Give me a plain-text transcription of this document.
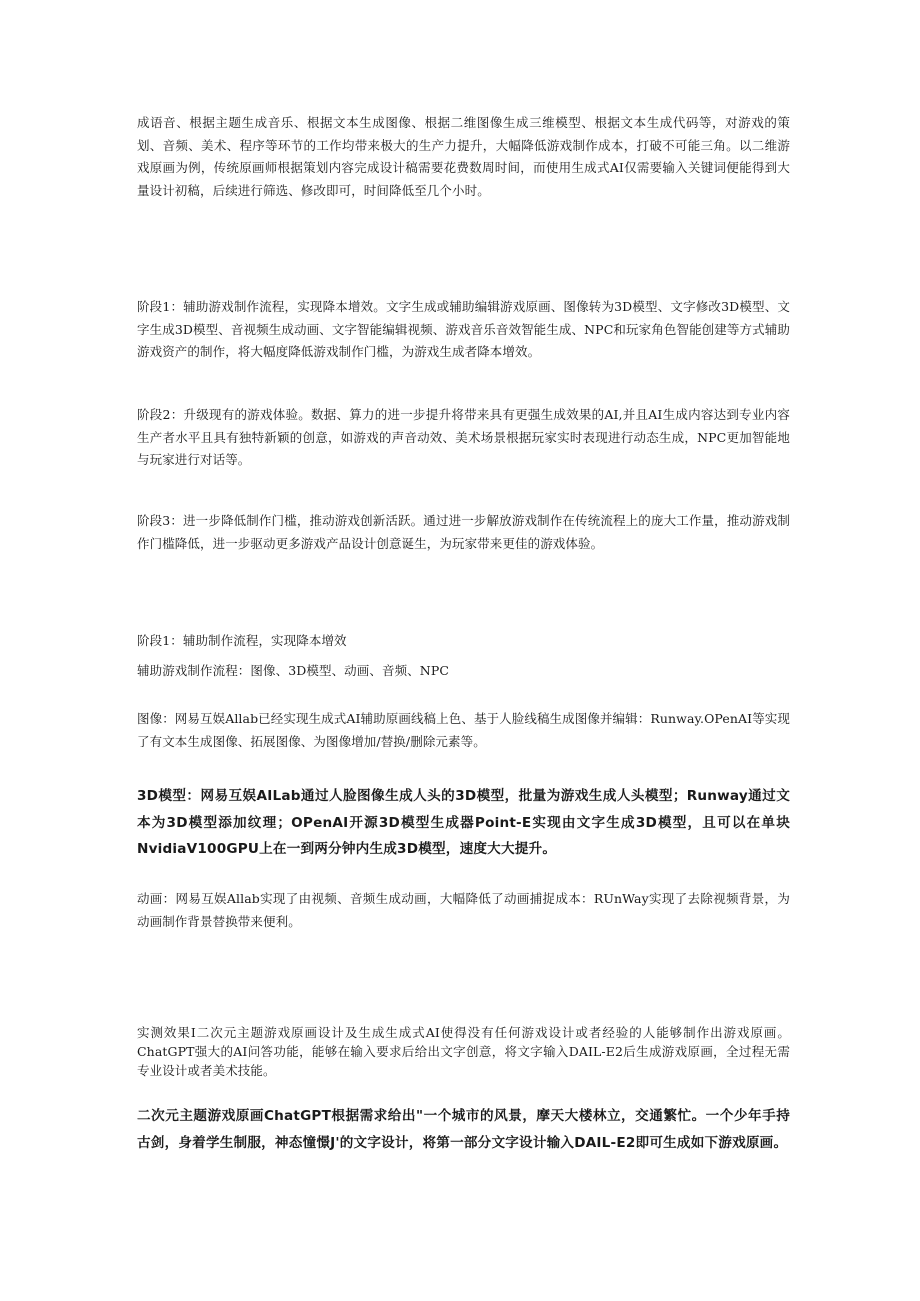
成语音、根据主题生成音乐、根据文本生成图像、根据二维图像生成三维模型、根据文本生成代码等，对游戏的策划、音频、美术、程序等环节的工作均带来极大的生产力提升，大幅降低游戏制作成本，打破不可能三角。以二维游戏原画为例，传统原画师根据策划内容完成设计稿需要花费数周时间，而使用生成式AI仅需要输入关键词便能得到大量设计初稿，后续进行筛选、修改即可，时间降低至几个小时。

阶段1：辅助游戏制作流程，实现降本增效。文字生成或辅助编辑游戏原画、图像转为3D模型、文字修改3D模型、文字生成3D模型、音视频生成动画、文字智能编辑视频、游戏音乐音效智能生成、NPC和玩家角色智能创建等方式辅助游戏资产的制作，将大幅度降低游戏制作门槛，为游戏生成者降本增效。

阶段2：升级现有的游戏体验。数据、算力的进一步提升将带来具有更强生成效果的AI,并且AI生成内容达到专业内容生产者水平且具有独特新颖的创意，如游戏的声音动效、美术场景根据玩家实时表现进行动态生成，NPC更加智能地与玩家进行对话等。

阶段3：进一步降低制作门槛，推动游戏创新活跃。通过进一步解放游戏制作在传统流程上的庞大工作量，推动游戏制作门槛降低，进一步驱动更多游戏产品设计创意诞生，为玩家带来更佳的游戏体验。

阶段1：辅助制作流程，实现降本增效

辅助游戏制作流程：图像、3D模型、动画、音频、NPC

图像：网易互娱Allab已经实现生成式AI辅助原画线稿上色、基于人脸线稿生成图像并编辑：Runway.OPenAI等实现了有文本生成图像、拓展图像、为图像增加/替换/删除元素等。

3D模型：网易互娱AILab通过人脸图像生成人头的3D模型，批量为游戏生成人头模型；Runway通过文本为3D模型添加纹理；OPenAI开源3D模型生成器Point-E实现由文字生成3D模型，且可以在单块NvidiaV100GPU上在一到两分钟内生成3D模型，速度大大提升。

动画：网易互娱Allab实现了由视频、音频生成动画，大幅降低了动画捕捉成本：RUnWay实现了去除视频背景，为动画制作背景替换带来便利。

实测效果I二次元主题游戏原画设计及生成生成式AI使得没有任何游戏设计或者经验的人能够制作出游戏原画。ChatGPT强大的AI问答功能，能够在输入要求后给出文字创意，将文字输入DAIL-E2后生成游戏原画，全过程无需专业设计或者美术技能。

二次元主题游戏原画ChatGPT根据需求给出"一个城市的风景，摩天大楼林立，交通繁忙。一个少年手持古剑，身着学生制服，神态憧憬J'的文字设计，将第一部分文字设计输入DAIL-E2即可生成如下游戏原画。
